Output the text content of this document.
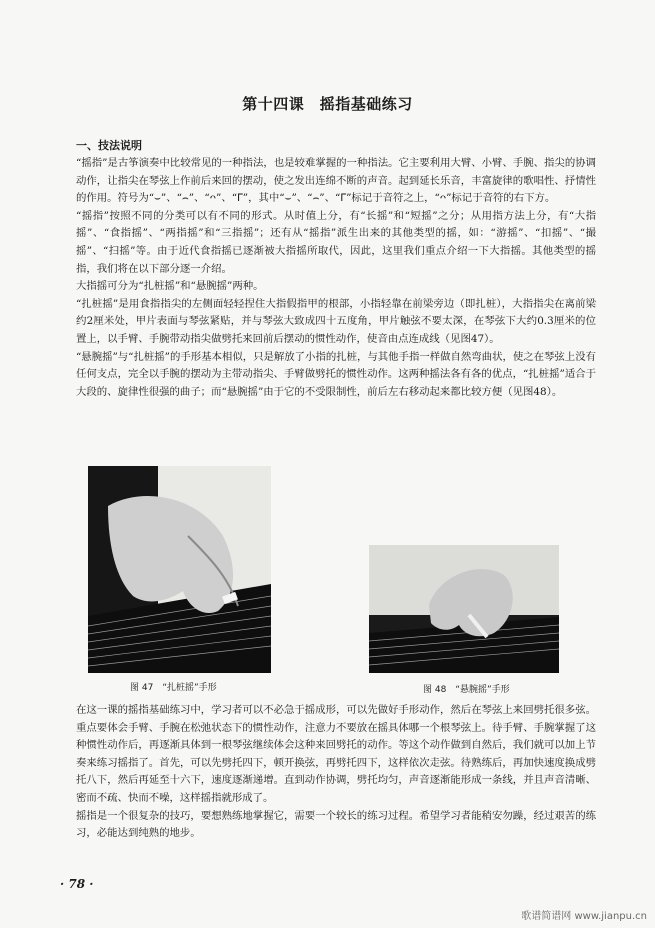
第十四课　摇指基础练习
一、技法说明

“摇指”是古筝演奏中比较常见的一种指法，也是较难掌握的一种指法。它主要利用大臂、小臂、手腕、指尖的协调动作，让指尖在琴弦上作前后来回的摆动，使之发出连绵不断的声音。起到延长乐音，丰富旋律的歌唱性、抒情性的作用。符号为“⌣”、“⌢”、“ᴖ”、“ᒥ”，其中“⌣”、“⌢”、“ᒥ”标记于音符之上，“ᴖ”标记于音符的右下方。

“摇指”按照不同的分类可以有不同的形式。从时值上分，有“长摇”和“短摇”之分；从用指方法上分，有“大指摇”、“食指摇”、“两指摇”和“三指摇”；还有从“摇指”派生出来的其他类型的摇，如：“游摇”、“扣摇”、“撮摇”、“扫摇”等。由于近代食指摇已逐渐被大指摇所取代，因此，这里我们重点介绍一下大指摇。其他类型的摇指，我们将在以下部分逐一介绍。

大指摇可分为“扎桩摇”和“悬腕摇”两种。

“扎桩摇”是用食指指尖的左侧面轻轻捏住大指假指甲的根部，小指轻靠在前梁旁边（即扎桩），大指指尖在离前梁约2厘米处，甲片表面与琴弦紧贴，并与琴弦大致成四十五度角，甲片触弦不要太深，在琴弦下大约0.3厘米的位置上，以手臂、手腕带动指尖做劈托来回前后摆动的惯性动作，使音由点连成线（见图47）。

“悬腕摇”与“扎桩摇”的手形基本相似，只是解放了小指的扎桩，与其他手指一样做自然弯曲状，使之在琴弦上没有任何支点，完全以手腕的摆动为主带动指尖、手臂做劈托的惯性动作。这两种摇法各有各的优点，“扎桩摇”适合于大段的、旋律性很强的曲子；而“悬腕摇”由于它的不受限制性，前后左右移动起来都比较方便（见图48）。

图 47　“扎桩摇”手形	图 48　“悬腕摇”手形

在这一课的摇指基础练习中，学习者可以不必急于摇成形，可以先做好手形动作，然后在琴弦上来回劈托很多弦。重点要体会手臂、手腕在松弛状态下的惯性动作，注意力不要放在摇具体哪一个根琴弦上。待手臂、手腕掌握了这种惯性动作后，再逐渐具体到一根琴弦继续体会这种来回劈托的动作。等这个动作做到自然后，我们就可以加上节奏来练习摇指了。首先，可以先劈托四下，顿开换弦，再劈托四下，这样依次走弦。待熟练后，再加快速度换成劈托八下，然后再延至十六下，速度逐渐递增。直到动作协调，劈托均匀，声音逐渐能形成一条线，并且声音清晰、密而不疏、快而不噪，这样摇指就形成了。

摇指是一个很复杂的技巧，要想熟练地掌握它，需要一个较长的练习过程。希望学习者能稍安勿躁，经过艰苦的练习，必能达到纯熟的地步。

· 78 ·
歌谱简谱网 www.jianpu.cn
